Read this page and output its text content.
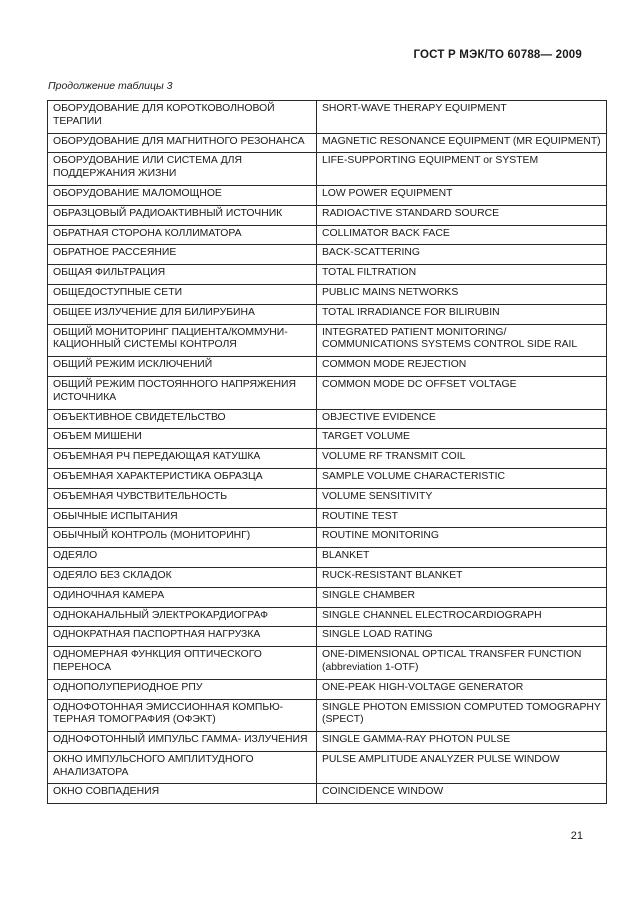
ГОСТ Р МЭК/ТО 60788— 2009
Продолжение таблицы 3
ОБОРУДОВАНИЕ ДЛЯ КОРОТКОВОЛНОВОЙ ТЕРАПИИ	SHORT-WAVE THERAPY EQUIPMENT
ОБОРУДОВАНИЕ ДЛЯ МАГНИТНОГО РЕЗОНАНСА	MAGNETIC RESONANCE EQUIPMENT (MR EQUIPMENT)
ОБОРУДОВАНИЕ ИЛИ СИСТЕМА ДЛЯ ПОДДЕРЖАНИЯ ЖИЗНИ	LIFE-SUPPORTING EQUIPMENT or SYSTEM
ОБОРУДОВАНИЕ МАЛОМОЩНОЕ	LOW POWER EQUIPMENT
ОБРАЗЦОВЫЙ РАДИОАКТИВНЫЙ ИСТОЧНИК	RADIOACTIVE STANDARD SOURCE
ОБРАТНАЯ СТОРОНА КОЛЛИМАТОРА	COLLIMATOR BACK FACE
ОБРАТНОЕ РАССЕЯНИЕ	BACK-SCATTERING
ОБЩАЯ ФИЛЬТРАЦИЯ	TOTAL FILTRATION
ОБЩЕДОСТУПНЫЕ СЕТИ	PUBLIC MAINS NETWORKS
ОБЩЕЕ ИЗЛУЧЕНИЕ ДЛЯ БИЛИРУБИНА	TOTAL IRRADIANCE FOR BILIRUBIN
ОБЩИЙ МОНИТОРИНГ ПАЦИЕНТА/КОММУНИ- КАЦИОННЫЙ СИСТЕМЫ КОНТРОЛЯ	INTEGRATED PATIENT MONITORING/ COMMUNICATIONS SYSTEMS CONTROL SIDE RAIL
ОБЩИЙ РЕЖИМ ИСКЛЮЧЕНИЙ	COMMON MODE REJECTION
ОБЩИЙ РЕЖИМ ПОСТОЯННОГО НАПРЯЖЕНИЯ ИСТОЧНИКА	COMMON MODE DC OFFSET VOLTAGE
ОБЪЕКТИВНОЕ СВИДЕТЕЛЬСТВО	OBJECTIVE EVIDENCE
ОБЪЕМ МИШЕНИ	TARGET VOLUME
ОБЪЕМНАЯ РЧ ПЕРЕДАЮЩАЯ КАТУШКА	VOLUME RF TRANSMIT COIL
ОБЪЕМНАЯ ХАРАКТЕРИСТИКА ОБРАЗЦА	SAMPLE VOLUME CHARACTERISTIC
ОБЪЕМНАЯ ЧУВСТВИТЕЛЬНОСТЬ	VOLUME SENSITIVITY
ОБЫЧНЫЕ ИСПЫТАНИЯ	ROUTINE TEST
ОБЫЧНЫЙ КОНТРОЛЬ (МОНИТОРИНГ)	ROUTINE MONITORING
ОДЕЯЛО	BLANKET
ОДЕЯЛО БЕЗ СКЛАДОК	RUCK-RESISTANT BLANKET
ОДИНОЧНАЯ КАМЕРА	SINGLE CHAMBER
ОДНОКАНАЛЬНЫЙ ЭЛЕКТРОКАРДИОГРАФ	SINGLE CHANNEL ELECTROCARDIOGRAPH
ОДНОКРАТНАЯ ПАСПОРТНАЯ НАГРУЗКА	SINGLE LOAD RATING
ОДНОМЕРНАЯ ФУНКЦИЯ ОПТИЧЕСКОГО ПЕРЕНОСА	ONE-DIMENSIONAL OPTICAL TRANSFER FUNCTION (abbreviation 1-OTF)
ОДНОПОЛУПЕРИОДНОЕ РПУ	ONE-PEAK HIGH-VOLTAGE GENERATOR
ОДНОФОТОННАЯ ЭМИССИОННАЯ КОМПЬЮ- ТЕРНАЯ ТОМОГРАФИЯ (ОФЭКТ)	SINGLE PHOTON EMISSION COMPUTED TOMOGRAPHY (SPECT)
ОДНОФОТОННЫЙ ИМПУЛЬС ГАММА- ИЗЛУЧЕНИЯ	SINGLE GAMMA-RAY PHOTON PULSE
ОКНО ИМПУЛЬСНОГО АМПЛИТУДНОГО АНАЛИЗАТОРА	PULSE AMPLITUDE ANALYZER PULSE WINDOW
ОКНО СОВПАДЕНИЯ	COINCIDENCE WINDOW
21
